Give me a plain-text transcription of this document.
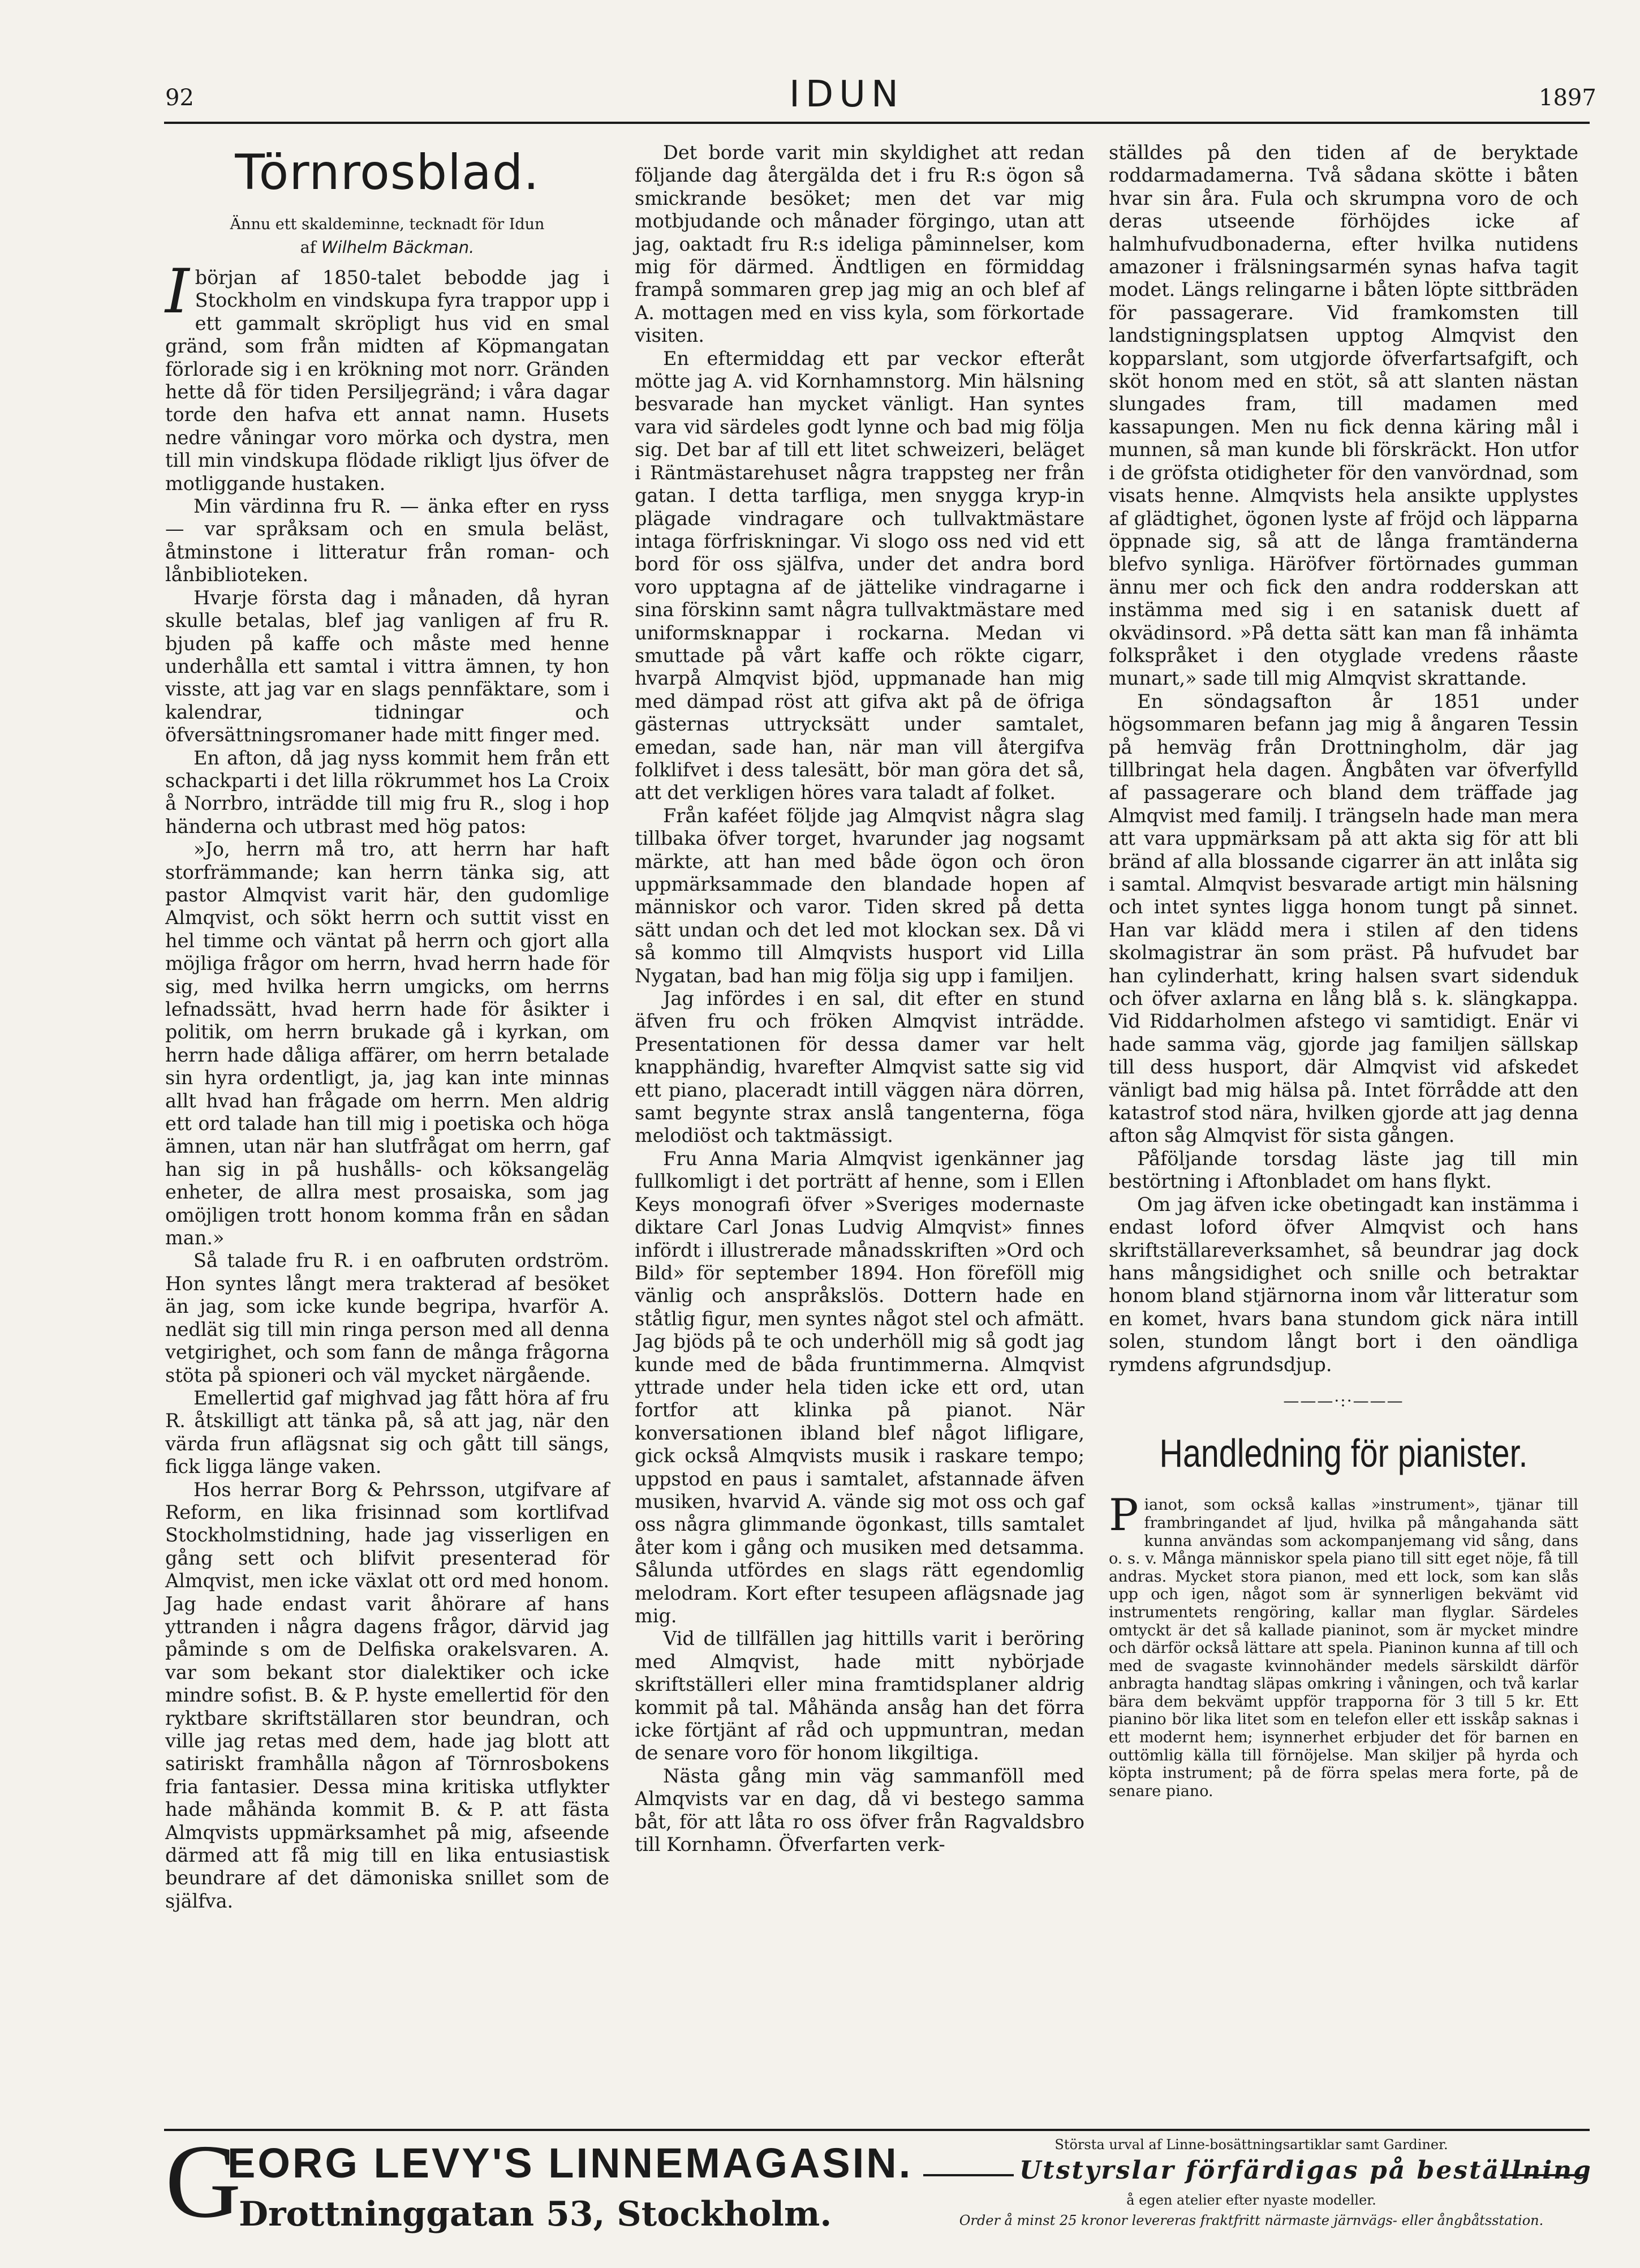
92	IDUN	1897
Törnrosblad.

Ännu ett skaldeminne, tecknadt för Idun

af Wilhelm Bäckman.

I början af 1850-talet bebodde jag i Stockholm en vindskupa fyra trappor upp i ett gammalt skröpligt hus vid en smal gränd, som från midten af Köpmangatan förlorade sig i en krökning mot norr. Gränden hette då för tiden Persiljegränd; i våra dagar torde den hafva ett annat namn. Husets nedre våningar voro mörka och dystra, men till min vindskupa flödade rikligt ljus öfver de motliggande hustaken.

Min värdinna fru R. — änka efter en ryss — var språksam och en smula beläst, åtminstone i litteratur från roman- och lånbiblioteken.

Hvarje första dag i månaden, då hyran skulle betalas, blef jag vanligen af fru R. bjuden på kaffe och måste med henne underhålla ett samtal i vittra ämnen, ty hon visste, att jag var en slags pennfäktare, som i kalendrar, tidningar och öfversättningsromaner hade mitt finger med.

En afton, då jag nyss kommit hem från ett schackparti i det lilla rökrummet hos La Croix å Norrbro, inträdde till mig fru R., slog i hop händerna och utbrast med hög patos:

»Jo, herrn må tro, att herrn har haft storfrämmande; kan herrn tänka sig, att pastor Almqvist varit här, den gudomlige Almqvist, och sökt herrn och suttit visst en hel timme och väntat på herrn och gjort alla möjliga frågor om herrn, hvad herrn hade för sig, med hvilka herrn umgicks, om herrns lefnadssätt, hvad herrn hade för åsikter i politik, om herrn brukade gå i kyrkan, om herrn hade dåliga affärer, om herrn betalade sin hyra ordentligt, ja, jag kan inte minnas allt hvad han frågade om herrn. Men aldrig ett ord talade han till mig i poetiska och höga ämnen, utan när han slutfrågat om herrn, gaf han sig in på hushålls- och köksangeläg enheter, de allra mest prosaiska, som jag omöjligen trott honom komma från en sådan man.»

Så talade fru R. i en oafbruten ordström. Hon syntes långt mera trakterad af besöket än jag, som icke kunde begripa, hvarför A. nedlät sig till min ringa person med all denna vetgirighet, och som fann de många frågorna stöta på spioneri och väl mycket närgående.

Emellertid gaf mighvad jag fått höra af fru R. åtskilligt att tänka på, så att jag, när den värda frun aflägsnat sig och gått till sängs, fick ligga länge vaken.

Hos herrar Borg & Pehrsson, utgifvare af Reform, en lika frisinnad som kortlifvad Stockholmstidning, hade jag visserligen en gång sett och blifvit presenterad för Almqvist, men icke växlat ott ord med honom. Jag hade endast varit åhörare af hans yttranden i några dagens frågor, därvid jag påminde s om de Delfiska orakelsvaren. A. var som bekant stor dialektiker och icke mindre sofist. B. & P. hyste emellertid för den ryktbare skriftställaren stor beundran, och ville jag retas med dem, hade jag blott att satiriskt framhålla någon af Törnrosbokens fria fantasier. Dessa mina kritiska utflykter hade måhända kommit B. & P. att fästa Almqvists uppmärksamhet på mig, afseende därmed att få mig till en lika entusiastisk beundrare af det dämoniska snillet som de själfva.

Det borde varit min skyldighet att redan följande dag återgälda det i fru R:s ögon så smickrande besöket; men det var mig motbjudande och månader förgingo, utan att jag, oaktadt fru R:s ideliga påminnelser, kom mig för därmed. Ändtligen en förmiddag frampå sommaren grep jag mig an och blef af A. mottagen med en viss kyla, som förkortade visiten.

En eftermiddag ett par veckor efteråt mötte jag A. vid Kornhamnstorg. Min hälsning besvarade han mycket vänligt. Han syntes vara vid särdeles godt lynne och bad mig följa sig. Det bar af till ett litet schweizeri, beläget i Räntmästarehuset några trappsteg ner från gatan. I detta tarfliga, men snygga kryp-in plägade vindragare och tullvaktmästare intaga förfriskningar. Vi slogo oss ned vid ett bord för oss själfva, under det andra bord voro upptagna af de jättelike vindragarne i sina förskinn samt några tullvaktmästare med uniformsknappar i rockarna. Medan vi smuttade på vårt kaffe och rökte cigarr, hvarpå Almqvist bjöd, uppmanade han mig med dämpad röst att gifva akt på de öfriga gästernas uttrycksätt under samtalet, emedan, sade han, när man vill återgifva folklifvet i dess talesätt, bör man göra det så, att det verkligen höres vara taladt af folket.

Från kaféet följde jag Almqvist några slag tillbaka öfver torget, hvarunder jag nogsamt märkte, att han med både ögon och öron uppmärksammade den blandade hopen af människor och varor. Tiden skred på detta sätt undan och det led mot klockan sex. Då vi så kommo till Almqvists husport vid Lilla Nygatan, bad han mig följa sig upp i familjen.

Jag infördes i en sal, dit efter en stund äfven fru och fröken Almqvist inträdde. Presentationen för dessa damer var helt knapphändig, hvarefter Almqvist satte sig vid ett piano, placeradt intill väggen nära dörren, samt begynte strax anslå tangenterna, föga melodiöst och taktmässigt.

Fru Anna Maria Almqvist igenkänner jag fullkomligt i det porträtt af henne, som i Ellen Keys monografi öfver »Sveriges modernaste diktare Carl Jonas Ludvig Almqvist» finnes infördt i illustrerade månadsskriften »Ord och Bild» för september 1894. Hon föreföll mig vänlig och anspråkslös. Dottern hade en ståtlig figur, men syntes något stel och afmätt. Jag bjöds på te och underhöll mig så godt jag kunde med de båda fruntimmerna. Almqvist yttrade under hela tiden icke ett ord, utan fortfor att klinka på pianot. När konversationen ibland blef något lifligare, gick också Almqvists musik i raskare tempo; uppstod en paus i samtalet, afstannade äfven musiken, hvarvid A. vände sig mot oss och gaf oss några glimmande ögonkast, tills samtalet åter kom i gång och musiken med detsamma. Sålunda utfördes en slags rätt egendomlig melodram. Kort efter tesupeen aflägsnade jag mig.

Vid de tillfällen jag hittills varit i beröring med Almqvist, hade mitt nybörjade skriftställeri eller mina framtidsplaner aldrig kommit på tal. Måhända ansåg han det förra icke förtjänt af råd och uppmuntran, medan de senare voro för honom likgiltiga.

Nästa gång min väg sammanföll med Almqvists var en dag, då vi bestego samma båt, för att låta ro oss öfver från Ragvaldsbro till Kornhamn. Öfverfarten verk-

ställdes på den tiden af de beryktade roddarmadamerna. Två sådana skötte i båten hvar sin åra. Fula och skrumpna voro de och deras utseende förhöjdes icke af halmhufvudbonaderna, efter hvilka nutidens amazoner i frälsningsarmén synas hafva tagit modet. Längs relingarne i båten löpte sittbräden för passagerare. Vid framkomsten till landstigningsplatsen upptog Almqvist den kopparslant, som utgjorde öfverfartsafgift, och sköt honom med en stöt, så att slanten nästan slungades fram, till madamen med kassapungen. Men nu fick denna käring mål i munnen, så man kunde bli förskräckt. Hon utfor i de gröfsta otidigheter för den vanvördnad, som visats henne. Almqvists hela ansikte upplystes af glädtighet, ögonen lyste af fröjd och läpparna öppnade sig, så att de långa framtänderna blefvo synliga. Häröfver förtörnades gumman ännu mer och fick den andra rodderskan att instämma med sig i en satanisk duett af okvädinsord. »På detta sätt kan man få inhämta folkspråket i den otyglade vredens råaste munart,» sade till mig Almqvist skrattande.

En söndagsafton år 1851 under högsommaren befann jag mig å ångaren Tessin på hemväg från Drottningholm, där jag tillbringat hela dagen. Ångbåten var öfverfylld af passagerare och bland dem träffade jag Almqvist med familj. I trängseln hade man mera att vara uppmärksam på att akta sig för att bli bränd af alla blossande cigarrer än att inlåta sig i samtal. Almqvist besvarade artigt min hälsning och intet syntes ligga honom tungt på sinnet. Han var klädd mera i stilen af den tidens skolmagistrar än som präst. På hufvudet bar han cylinderhatt, kring halsen svart sidenduk och öfver axlarna en lång blå s. k. slängkappa. Vid Riddarholmen afstego vi samtidigt. Enär vi hade samma väg, gjorde jag familjen sällskap till dess husport, där Almqvist vid afskedet vänligt bad mig hälsa på. Intet förrådde att den katastrof stod nära, hvilken gjorde att jag denna afton såg Almqvist för sista gången.

Påföljande torsdag läste jag till min bestörtning i Aftonbladet om hans flykt.

Om jag äfven icke obetingadt kan instämma i endast loford öfver Almqvist och hans skriftställareverksamhet, så beundrar jag dock hans mångsidighet och snille och betraktar honom bland stjärnorna inom vår litteratur som en komet, hvars bana stundom gick nära intill solen, stundom långt bort i den oändliga rymdens afgrundsdjup.

———·:·———
Handledning för pianister.

Pianot, som också kallas »instrument», tjänar till frambringandet af ljud, hvilka på mångahanda sätt kunna användas som ackompanjemang vid sång, dans o. s. v. Många människor spela piano till sitt eget nöje, få till andras. Mycket stora pianon, med ett lock, som kan slås upp och igen, något som är synnerligen bekvämt vid instrumentets rengöring, kallar man flyglar. Särdeles omtyckt är det så kallade pianinot, som är mycket mindre och därför också lättare att spela. Pianinon kunna af till och med de svagaste kvinnohänder medels särskildt därför anbragta handtag släpas omkring i våningen, och två karlar bära dem bekvämt uppför trapporna för 3 till 5 kr. Ett pianino bör lika litet som en telefon eller ett isskåp saknas i ett modernt hem; isynnerhet erbjuder det för barnen en outtömlig källa till förnöjelse. Man skiljer på hyrda och köpta instrument; på de förra spelas mera forte, på de senare piano.

G
EORG LEVY'S LINNEMAGASIN.
Drottninggatan 53, Stockholm.
Största urval af Linne-bosättningsartiklar samt Gardiner.
Utstyrslar förfärdigas på beställning
å egen atelier efter nyaste modeller.
Order å minst 25 kronor levereras fraktfritt närmaste järnvägs- eller ångbåtsstation.
